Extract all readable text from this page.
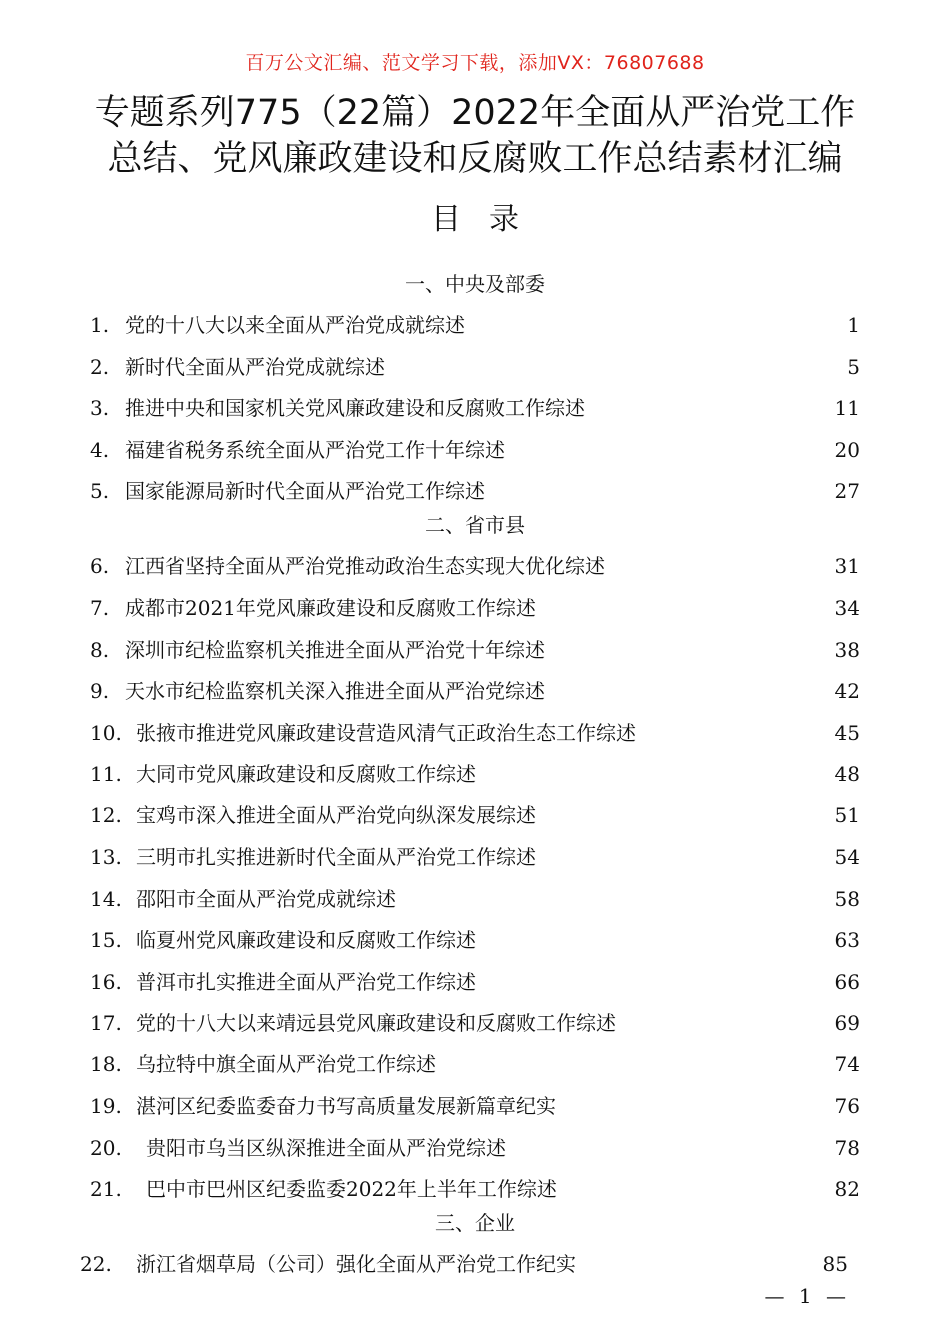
百万公文汇编、范文学习下载，添加VX：76807688
专题系列775（22篇）2022年全面从严治党工作
总结、党风廉政建设和反腐败工作总结素材汇编
目录
一、中央及部委
1. 党的十八大以来全面从严治党成就综述	1
2. 新时代全面从严治党成就综述	5
3. 推进中央和国家机关党风廉政建设和反腐败工作综述	11
4. 福建省税务系统全面从严治党工作十年综述	20
5. 国家能源局新时代全面从严治党工作综述	27
二、省市县
6. 江西省坚持全面从严治党推动政治生态实现大优化综述	31
7. 成都市2021年党风廉政建设和反腐败工作综述	34
8. 深圳市纪检监察机关推进全面从严治党十年综述	38
9. 天水市纪检监察机关深入推进全面从严治党综述	42
10. 张掖市推进党风廉政建设营造风清气正政治生态工作综述	45
11. 大同市党风廉政建设和反腐败工作综述	48
12. 宝鸡市深入推进全面从严治党向纵深发展综述	51
13. 三明市扎实推进新时代全面从严治党工作综述	54
14. 邵阳市全面从严治党成就综述	58
15. 临夏州党风廉政建设和反腐败工作综述	63
16. 普洱市扎实推进全面从严治党工作综述	66
17. 党的十八大以来靖远县党风廉政建设和反腐败工作综述	69
18. 乌拉特中旗全面从严治党工作综述	74
19. 湛河区纪委监委奋力书写高质量发展新篇章纪实	76
20.	贵阳市乌当区纵深推进全面从严治党综述	78
21.	巴中市巴州区纪委监委2022年上半年工作综述	82
三、企业
22.	浙江省烟草局（公司）强化全面从严治党工作纪实	85
— 1 —
